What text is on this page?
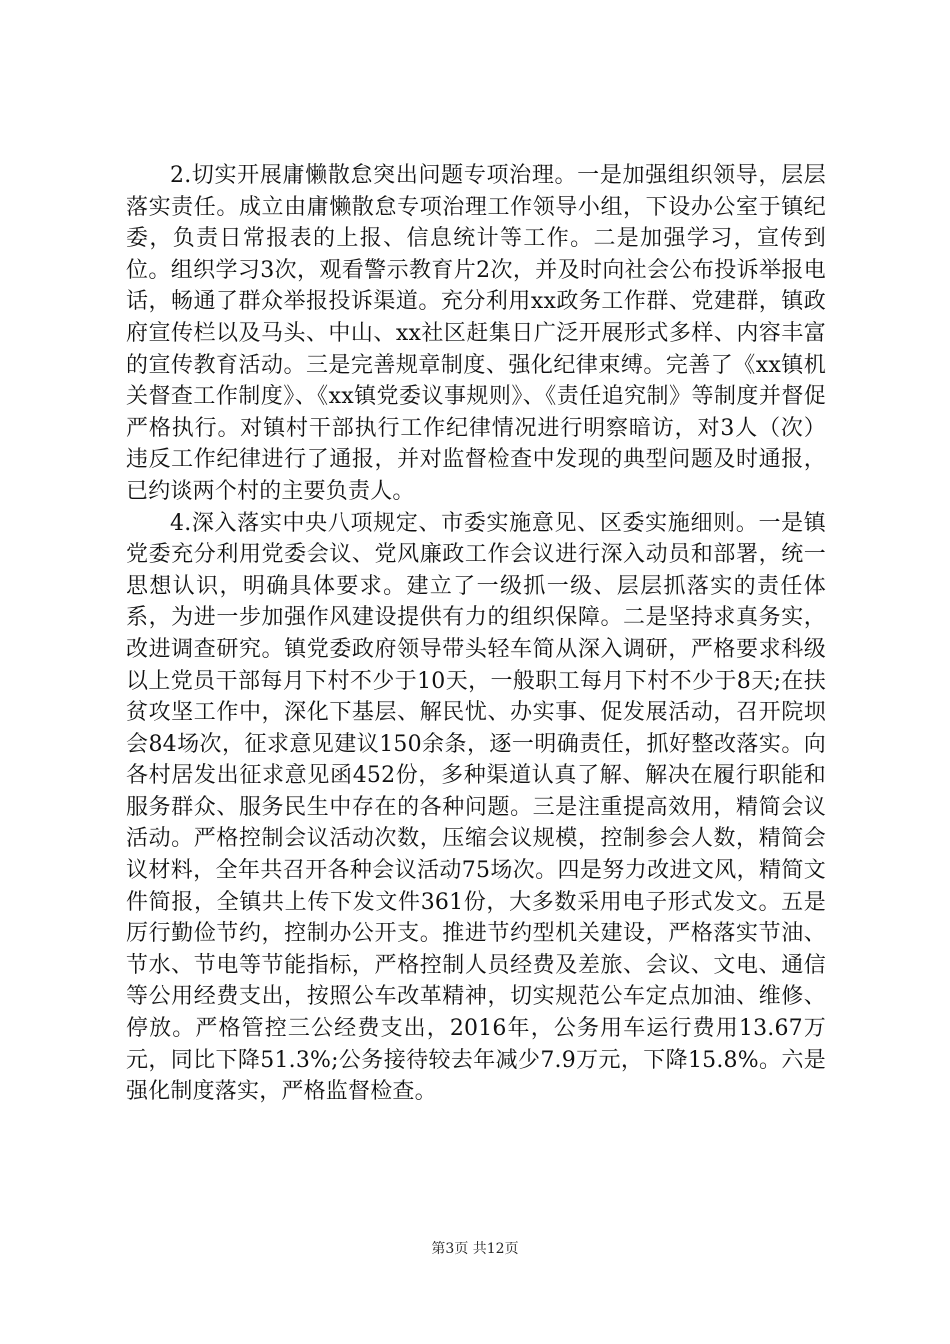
2.切实开展庸懒散怠突出问题专项治理。一是加强组织领导，层层落实责任。成立由庸懒散怠专项治理工作领导小组，下设办公室于镇纪委，负责日常报表的上报、信息统计等工作。二是加强学习，宣传到位。组织学习3次，观看警示教育片2次，并及时向社会公布投诉举报电话，畅通了群众举报投诉渠道。充分利用xx政务工作群、党建群，镇政府宣传栏以及马头、中山、xx社区赶集日广泛开展形式多样、内容丰富的宣传教育活动。三是完善规章制度、强化纪律束缚。完善了《xx镇机关督查工作制度》、《xx镇党委议事规则》、《责任追究制》等制度并督促严格执行。对镇村干部执行工作纪律情况进行明察暗访，对3人（次）违反工作纪律进行了通报，并对监督检查中发现的典型问题及时通报，已约谈两个村的主要负责人。

4.深入落实中央八项规定、市委实施意见、区委实施细则。一是镇党委充分利用党委会议、党风廉政工作会议进行深入动员和部署，统一思想认识，明确具体要求。建立了一级抓一级、层层抓落实的责任体系，为进一步加强作风建设提供有力的组织保障。二是坚持求真务实，改进调查研究。镇党委政府领导带头轻车简从深入调研，严格要求科级以上党员干部每月下村不少于10天，一般职工每月下村不少于8天;在扶贫攻坚工作中，深化下基层、解民忧、办实事、促发展活动，召开院坝会84场次，征求意见建议150余条，逐一明确责任，抓好整改落实。向各村居发出征求意见函452份，多种渠道认真了解、解决在履行职能和服务群众、服务民生中存在的各种问题。三是注重提高效用，精简会议活动。严格控制会议活动次数，压缩会议规模，控制参会人数，精简会议材料，全年共召开各种会议活动75场次。四是努力改进文风，精简文件简报，全镇共上传下发文件361份，大多数采用电子形式发文。五是厉行勤俭节约，控制办公开支。推进节约型机关建设，严格落实节油、节水、节电等节能指标，严格控制人员经费及差旅、会议、文电、通信等公用经费支出，按照公车改革精神，切实规范公车定点加油、维修、停放。严格管控三公经费支出，2016年，公务用车运行费用13.67万元，同比下降51.3%;公务接待较去年减少7.9万元，下降15.8%。六是强化制度落实，严格监督检查。

第3页 共12页
